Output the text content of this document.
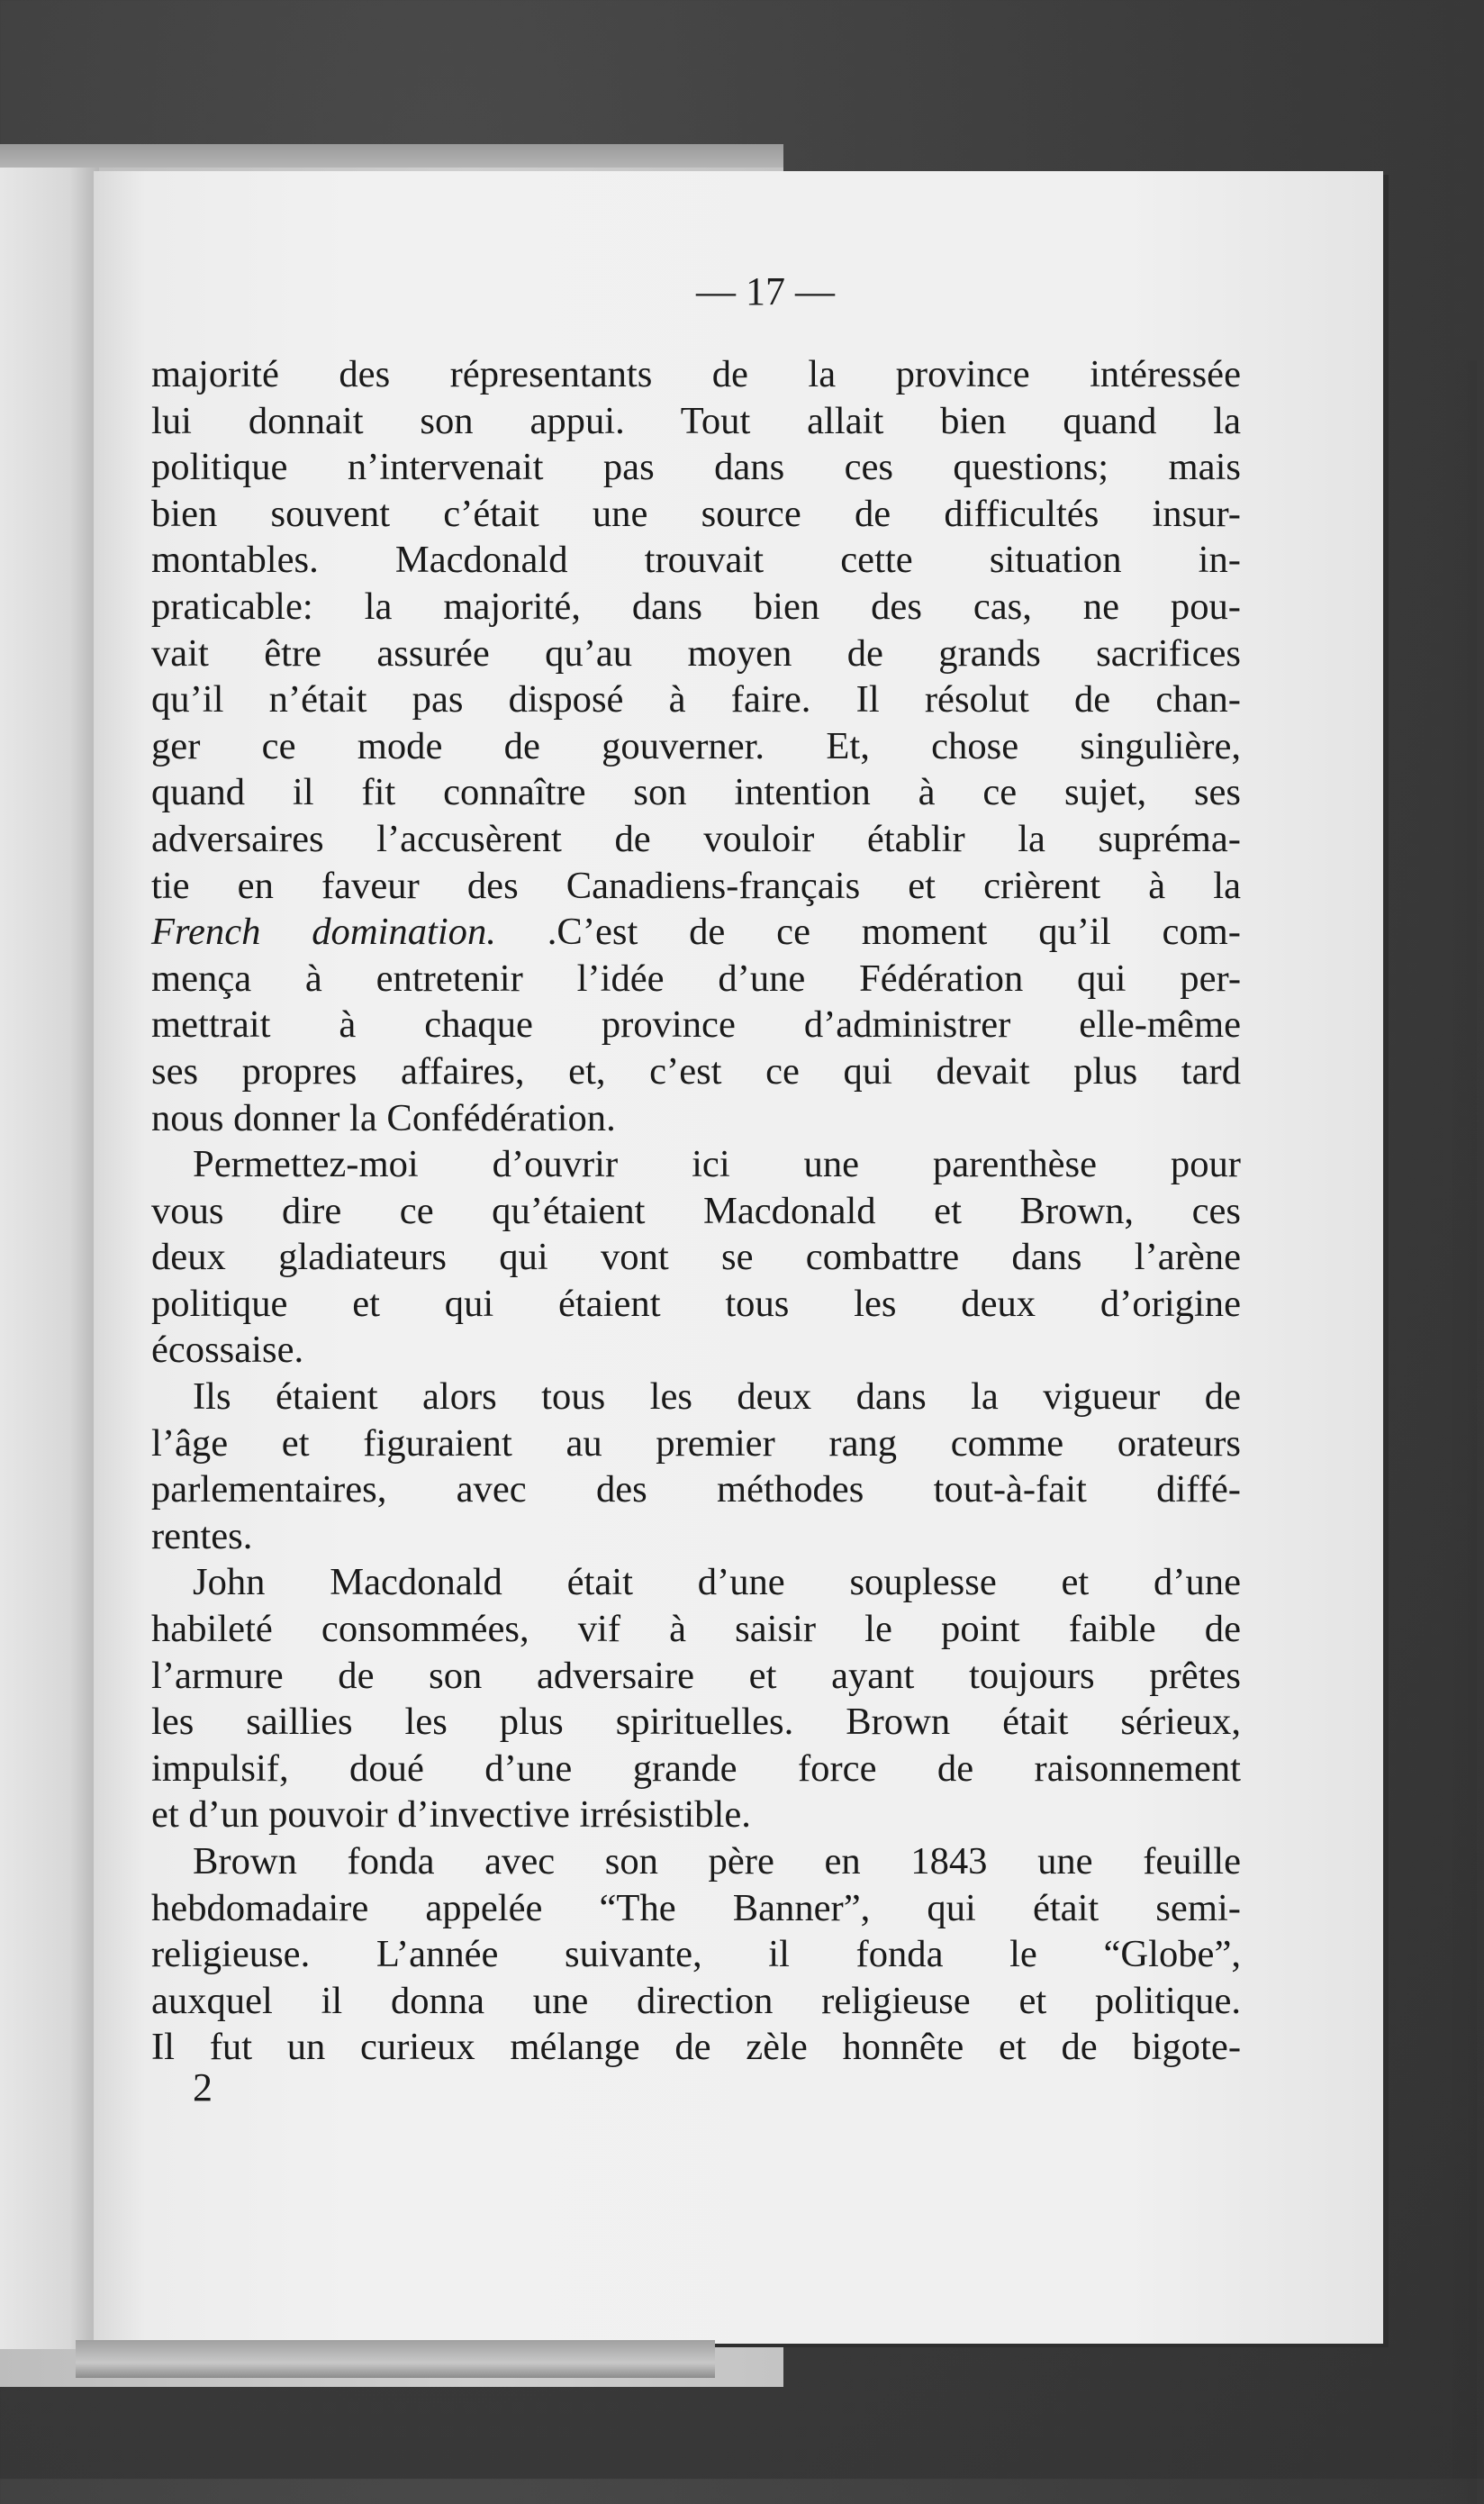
— 17 —
majorité des répresentants de la province intéressée
lui donnait son appui. Tout allait bien quand la
politique n’intervenait pas dans ces questions; mais
bien souvent c’était une source de difficultés insur-
montables. Macdonald trouvait cette situation in-
praticable: la majorité, dans bien des cas, ne pou-
vait être assurée qu’au moyen de grands sacrifices
qu’il n’était pas disposé à faire. Il résolut de chan-
ger ce mode de gouverner. Et, chose singulière,
quand il fit connaître son intention à ce sujet, ses
adversaires l’accusèrent de vouloir établir la supréma-
tie en faveur des Canadiens-français et crièrent à la
French domination. .C’est de ce moment qu’il com-
mença à entretenir l’idée d’une Fédération qui per-
mettrait à chaque province d’administrer elle-même
ses propres affaires, et, c’est ce qui devait plus tard
nous donner la Confédération.
Permettez-moi d’ouvrir ici une parenthèse pour
vous dire ce qu’étaient Macdonald et Brown, ces
deux gladiateurs qui vont se combattre dans l’arène
politique et qui étaient tous les deux d’origine
écossaise.
Ils étaient alors tous les deux dans la vigueur de
l’âge et figuraient au premier rang comme orateurs
parlementaires, avec des méthodes tout-à-fait diffé-
rentes.
John Macdonald était d’une souplesse et d’une
habileté consommées, vif à saisir le point faible de
l’armure de son adversaire et ayant toujours prêtes
les saillies les plus spirituelles. Brown était sérieux,
impulsif, doué d’une grande force de raisonnement
et d’un pouvoir d’invective irrésistible.
Brown fonda avec son père en 1843 une feuille
hebdomadaire appelée “The Banner”, qui était semi-
religieuse. L’année suivante, il fonda le “Globe”,
auxquel il donna une direction religieuse et politique.
Il fut un curieux mélange de zèle honnête et de bigote-
2
